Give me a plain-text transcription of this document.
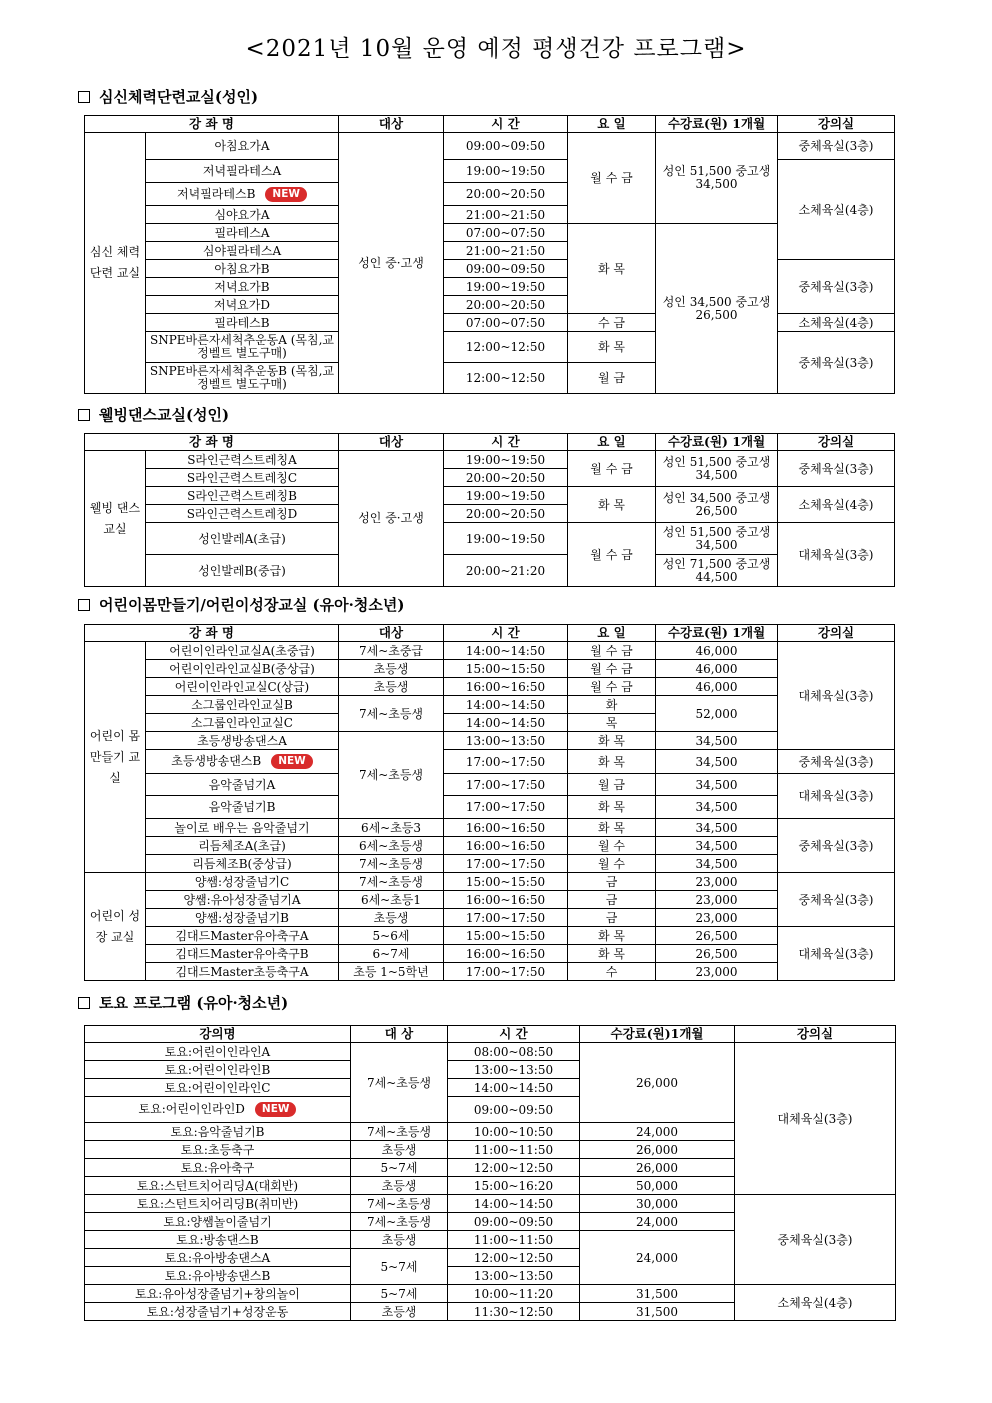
<2021년 10월 운영 예정 평생건강 프로그램>
심신체력단련교실(성인)
강 좌 명		대상	시 간	요 일	수강료(원) 1개월	강의실
심신 체력 단련 교실	아침요가A	성인 중·고생	09:00~09:50	월 수 금	성인 51,500 중고생 34,500	중체육실(3층)
	저녁필라테스A		19:00~19:50			소체육실(4층)
	저녁필라테스B NEW		20:00~20:50			
	심야요가A		21:00~21:50			
	필라테스A		07:00~07:50	화 목	성인 34,500 중고생 26,500	
	심야필라테스A		21:00~21:50			
	아침요가B		09:00~09:50			중체육실(3층)
	저녁요가B		19:00~19:50			
	저녁요가D		20:00~20:50			
	필라테스B		07:00~07:50	수 금		소체육실(4층)
	SNPE바른자세척추운동A (목침,교정벨트 별도구매)		12:00~12:50	화 목		중체육실(3층)
	SNPE바른자세척추운동B (목침,교정벨트 별도구매)		12:00~12:50	월 금		
웰빙댄스교실(성인)
강 좌 명		대상	시 간	요 일	수강료(원) 1개월	강의실
웰빙 댄스 교실	S라인근력스트레칭A	성인 중·고생	19:00~19:50	월 수 금	성인 51,500 중고생 34,500	중체육실(3층)
	S라인근력스트레칭C		20:00~20:50			
	S라인근력스트레칭B		19:00~19:50	화 목	성인 34,500 중고생 26,500	소체육실(4층)
	S라인근력스트레칭D		20:00~20:50			
	성인발레A(초급)		19:00~19:50	월 수 금	성인 51,500 중고생 34,500	대체육실(3층)
	성인발레B(중급)		20:00~21:20		성인 71,500 중고생 44,500	
어린이몸만들기/어린이성장교실 (유아·청소년)
강 좌 명		대상	시 간	요 일	수강료(원) 1개월	강의실
어린이 몸 만들기 교실	어린이인라인교실A(초중급)	7세~초중급	14:00~14:50	월 수 금	46,000	대체육실(3층)
	어린이인라인교실B(중상급)	초등생	15:00~15:50	월 수 금	46,000	
	어린이인라인교실C(상급)	초등생	16:00~16:50	월 수 금	46,000	
	소그룹인라인교실B	7세~초등생	14:00~14:50	화	52,000	
	소그룹인라인교실C		14:00~14:50	목		
	초등생방송댄스A	7세~초등생	13:00~13:50	화 목	34,500	
	초등생방송댄스B NEW		17:00~17:50	화 목	34,500	중체육실(3층)
	음악줄넘기A		17:00~17:50	월 금	34,500	대체육실(3층)
	음악줄넘기B		17:00~17:50	화 목	34,500	
	놀이로 배우는 음악줄넘기	6세~초등3	16:00~16:50	화 목	34,500	중체육실(3층)
	리듬체조A(초급)	6세~초등생	16:00~16:50	월 수	34,500	
	리듬체조B(중상급)	7세~초등생	17:00~17:50	월 수	34,500	
어린이 성장 교실	양쌤:성장줄넘기C	7세~초등생	15:00~15:50	금	23,000	중체육실(3층)
	양쌤:유아성장줄넘기A	6세~초등1	16:00~16:50	금	23,000	
	양쌤:성장줄넘기B	초등생	17:00~17:50	금	23,000	
	김대드Master유아축구A	5~6세	15:00~15:50	화 목	26,500	대체육실(3층)
	김대드Master유아축구B	6~7세	16:00~16:50	화 목	26,500	
	김대드Master초등축구A	초등 1~5학년	17:00~17:50	수	23,000	
토요 프로그램 (유아·청소년)
강의명	대 상	시 간	수강료(원)1개월	강의실
토요:어린이인라인A	7세~초등생	08:00~08:50	26,000	대체육실(3층)
토요:어린이인라인B		13:00~13:50		
토요:어린이인라인C		14:00~14:50		
토요:어린이인라인D NEW		09:00~09:50		
토요:음악줄넘기B	7세~초등생	10:00~10:50	24,000	
토요:초등축구	초등생	11:00~11:50	26,000	
토요:유아축구	5~7세	12:00~12:50	26,000	
토요:스턴트치어리딩A(대회반)	초등생	15:00~16:20	50,000	
토요:스턴트치어리딩B(취미반)	7세~초등생	14:00~14:50	30,000	중체육실(3층)
토요:양쌤놀이줄넘기	7세~초등생	09:00~09:50	24,000	
토요:방송댄스B	초등생	11:00~11:50	24,000	
토요:유아방송댄스A	5~7세	12:00~12:50		
토요:유아방송댄스B		13:00~13:50		
토요:유아성장줄넘기+창의놀이	5~7세	10:00~11:20	31,500	소체육실(4층)
토요:성장줄넘기+성장운동	초등생	11:30~12:50	31,500	
